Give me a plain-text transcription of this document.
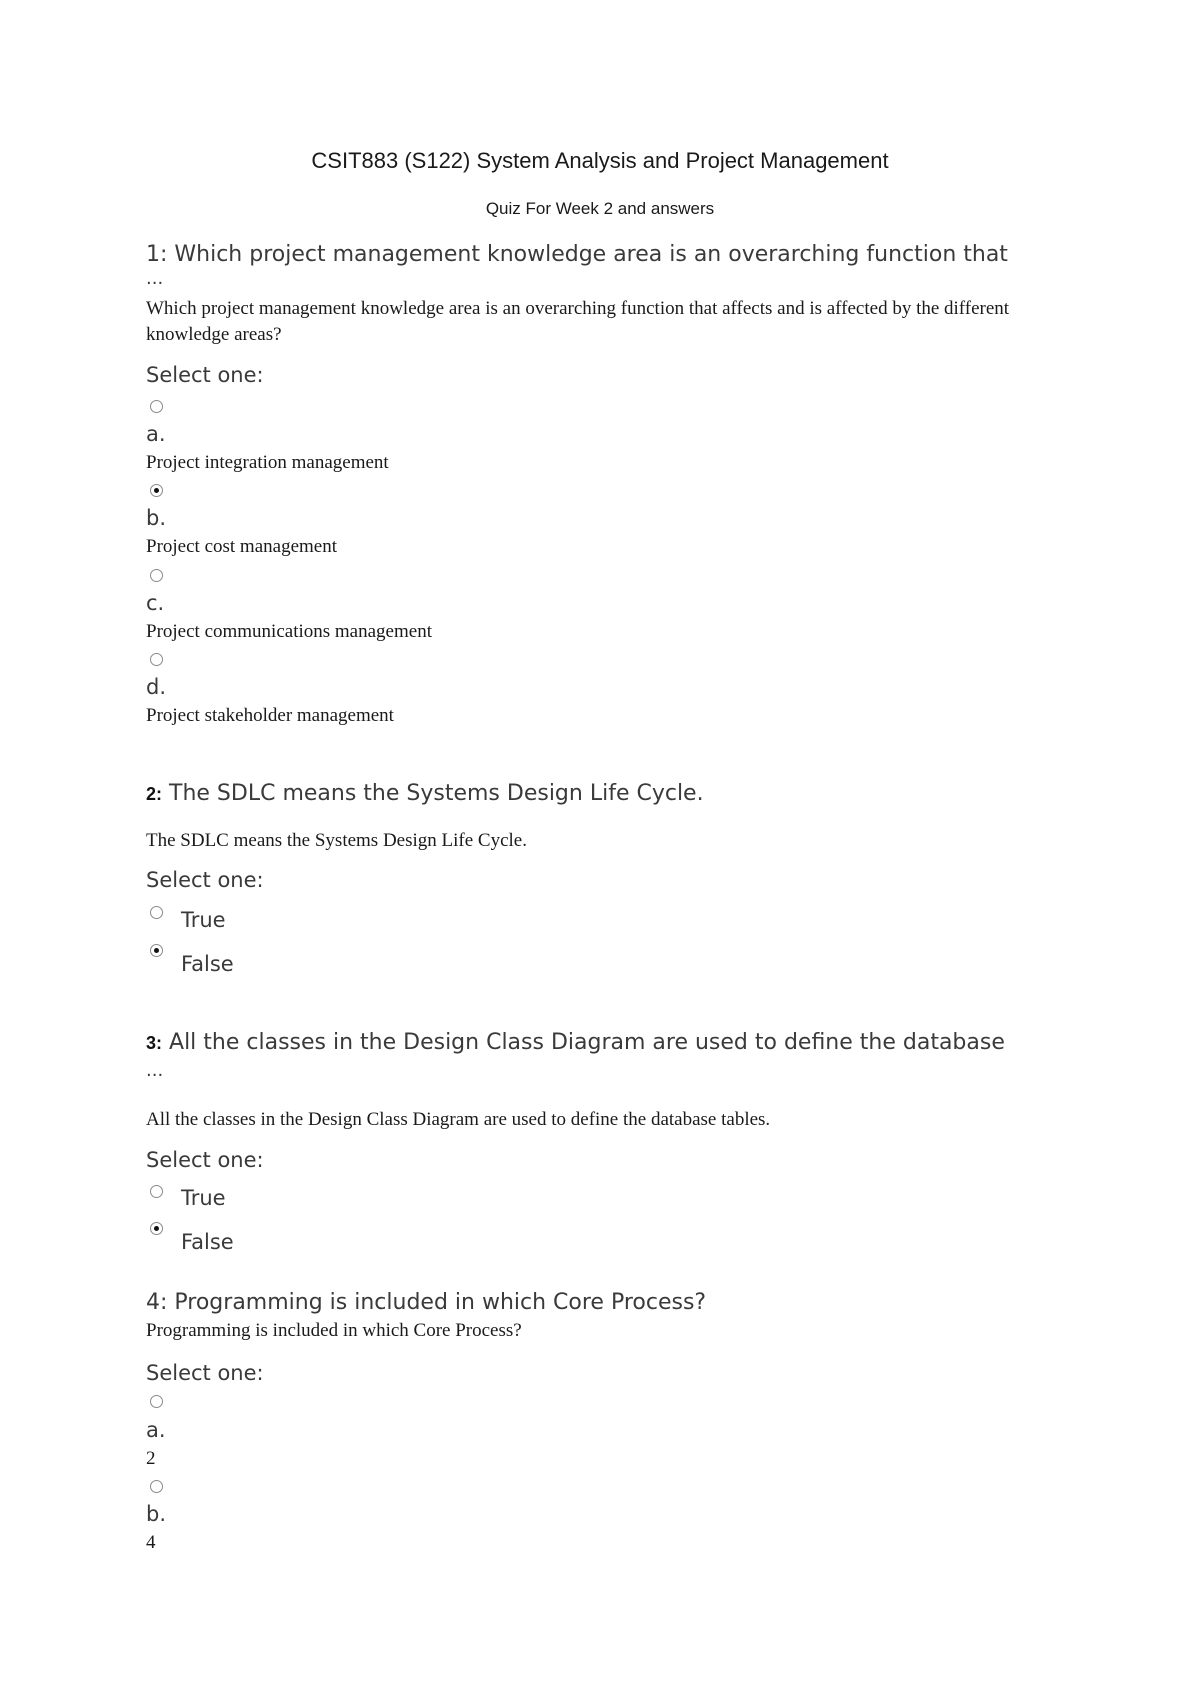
CSIT883 (S122) System Analysis and Project Management
Quiz For Week 2 and answers
1: Which project management knowledge area is an overarching function that
...
Which project management knowledge area is an overarching function that affects and is affected by the different knowledge areas?
Select one:
a.
Project integration management
b.
Project cost management
c.
Project communications management
d.
Project stakeholder management
2: The SDLC means the Systems Design Life Cycle.
The SDLC means the Systems Design Life Cycle.
Select one:
True
False
3: All the classes in the Design Class Diagram are used to define the database
...
All the classes in the Design Class Diagram are used to define the database tables.
Select one:
True
False
4: Programming is included in which Core Process?
Programming is included in which Core Process?
Select one:
a.
2
b.
4
